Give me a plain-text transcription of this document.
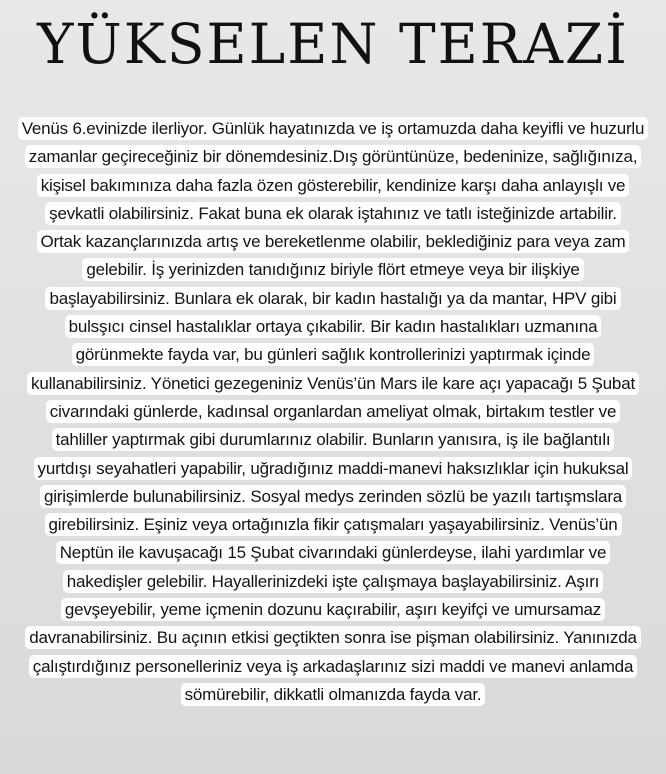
YÜKSELEN TERAZİ
Venüs 6.evinizde ilerliyor. Günlük hayatınızda ve iş ortamuzda daha keyifli ve huzurlu
zamanlar geçireceğiniz bir dönemdesiniz.Dış görüntünüze, bedeninize, sağlığınıza,
kişisel bakımınıza daha fazla özen gösterebilir, kendinize karşı daha anlayışlı ve
şevkatli olabilirsiniz. Fakat buna ek olarak iştahınız ve tatlı isteğinizde artabilir.
Ortak kazançlarınızda artış ve bereketlenme olabilir, beklediğiniz para veya zam
gelebilir. İş yerinizden tanıdığınız biriyle flört etmeye veya bir ilişkiye
başlayabilirsiniz. Bunlara ek olarak, bir kadın hastalığı ya da mantar, HPV gibi
bulsşıcı cinsel hastalıklar ortaya çıkabilir. Bir kadın hastalıkları uzmanına
görünmekte fayda var, bu günleri sağlık kontrollerinizi yaptırmak içinde
kullanabilirsiniz. Yönetici gezegeniniz Venüs’ün Mars ile kare açı yapacağı 5 Şubat
civarındaki günlerde, kadınsal organlardan ameliyat olmak, birtakım testler ve
tahliller yaptırmak gibi durumlarınız olabilir. Bunların yanısıra, iş ile bağlantılı
yurtdışı seyahatleri yapabilir, uğradığınız maddi-manevi haksızlıklar için hukuksal
girişimlerde bulunabilirsiniz. Sosyal medys zerinden sözlü be yazılı tartışmslara
girebilirsiniz. Eşiniz veya ortağınızla fikir çatışmaları yaşayabilirsiniz. Venüs’ün
Neptün ile kavuşacağı 15 Şubat civarındaki günlerdeyse, ilahi yardımlar ve
hakedişler gelebilir. Hayallerinizdeki işte çalışmaya başlayabilirsiniz. Aşırı
gevşeyebilir, yeme içmenin dozunu kaçırabilir, aşırı keyifçi ve umursamaz
davranabilirsiniz. Bu açının etkisi geçtikten sonra ise pişman olabilirsiniz. Yanınızda
çalıştırdığınız personelleriniz veya iş arkadaşlarınız sizi maddi ve manevi anlamda
sömürebilir, dikkatli olmanızda fayda var.
